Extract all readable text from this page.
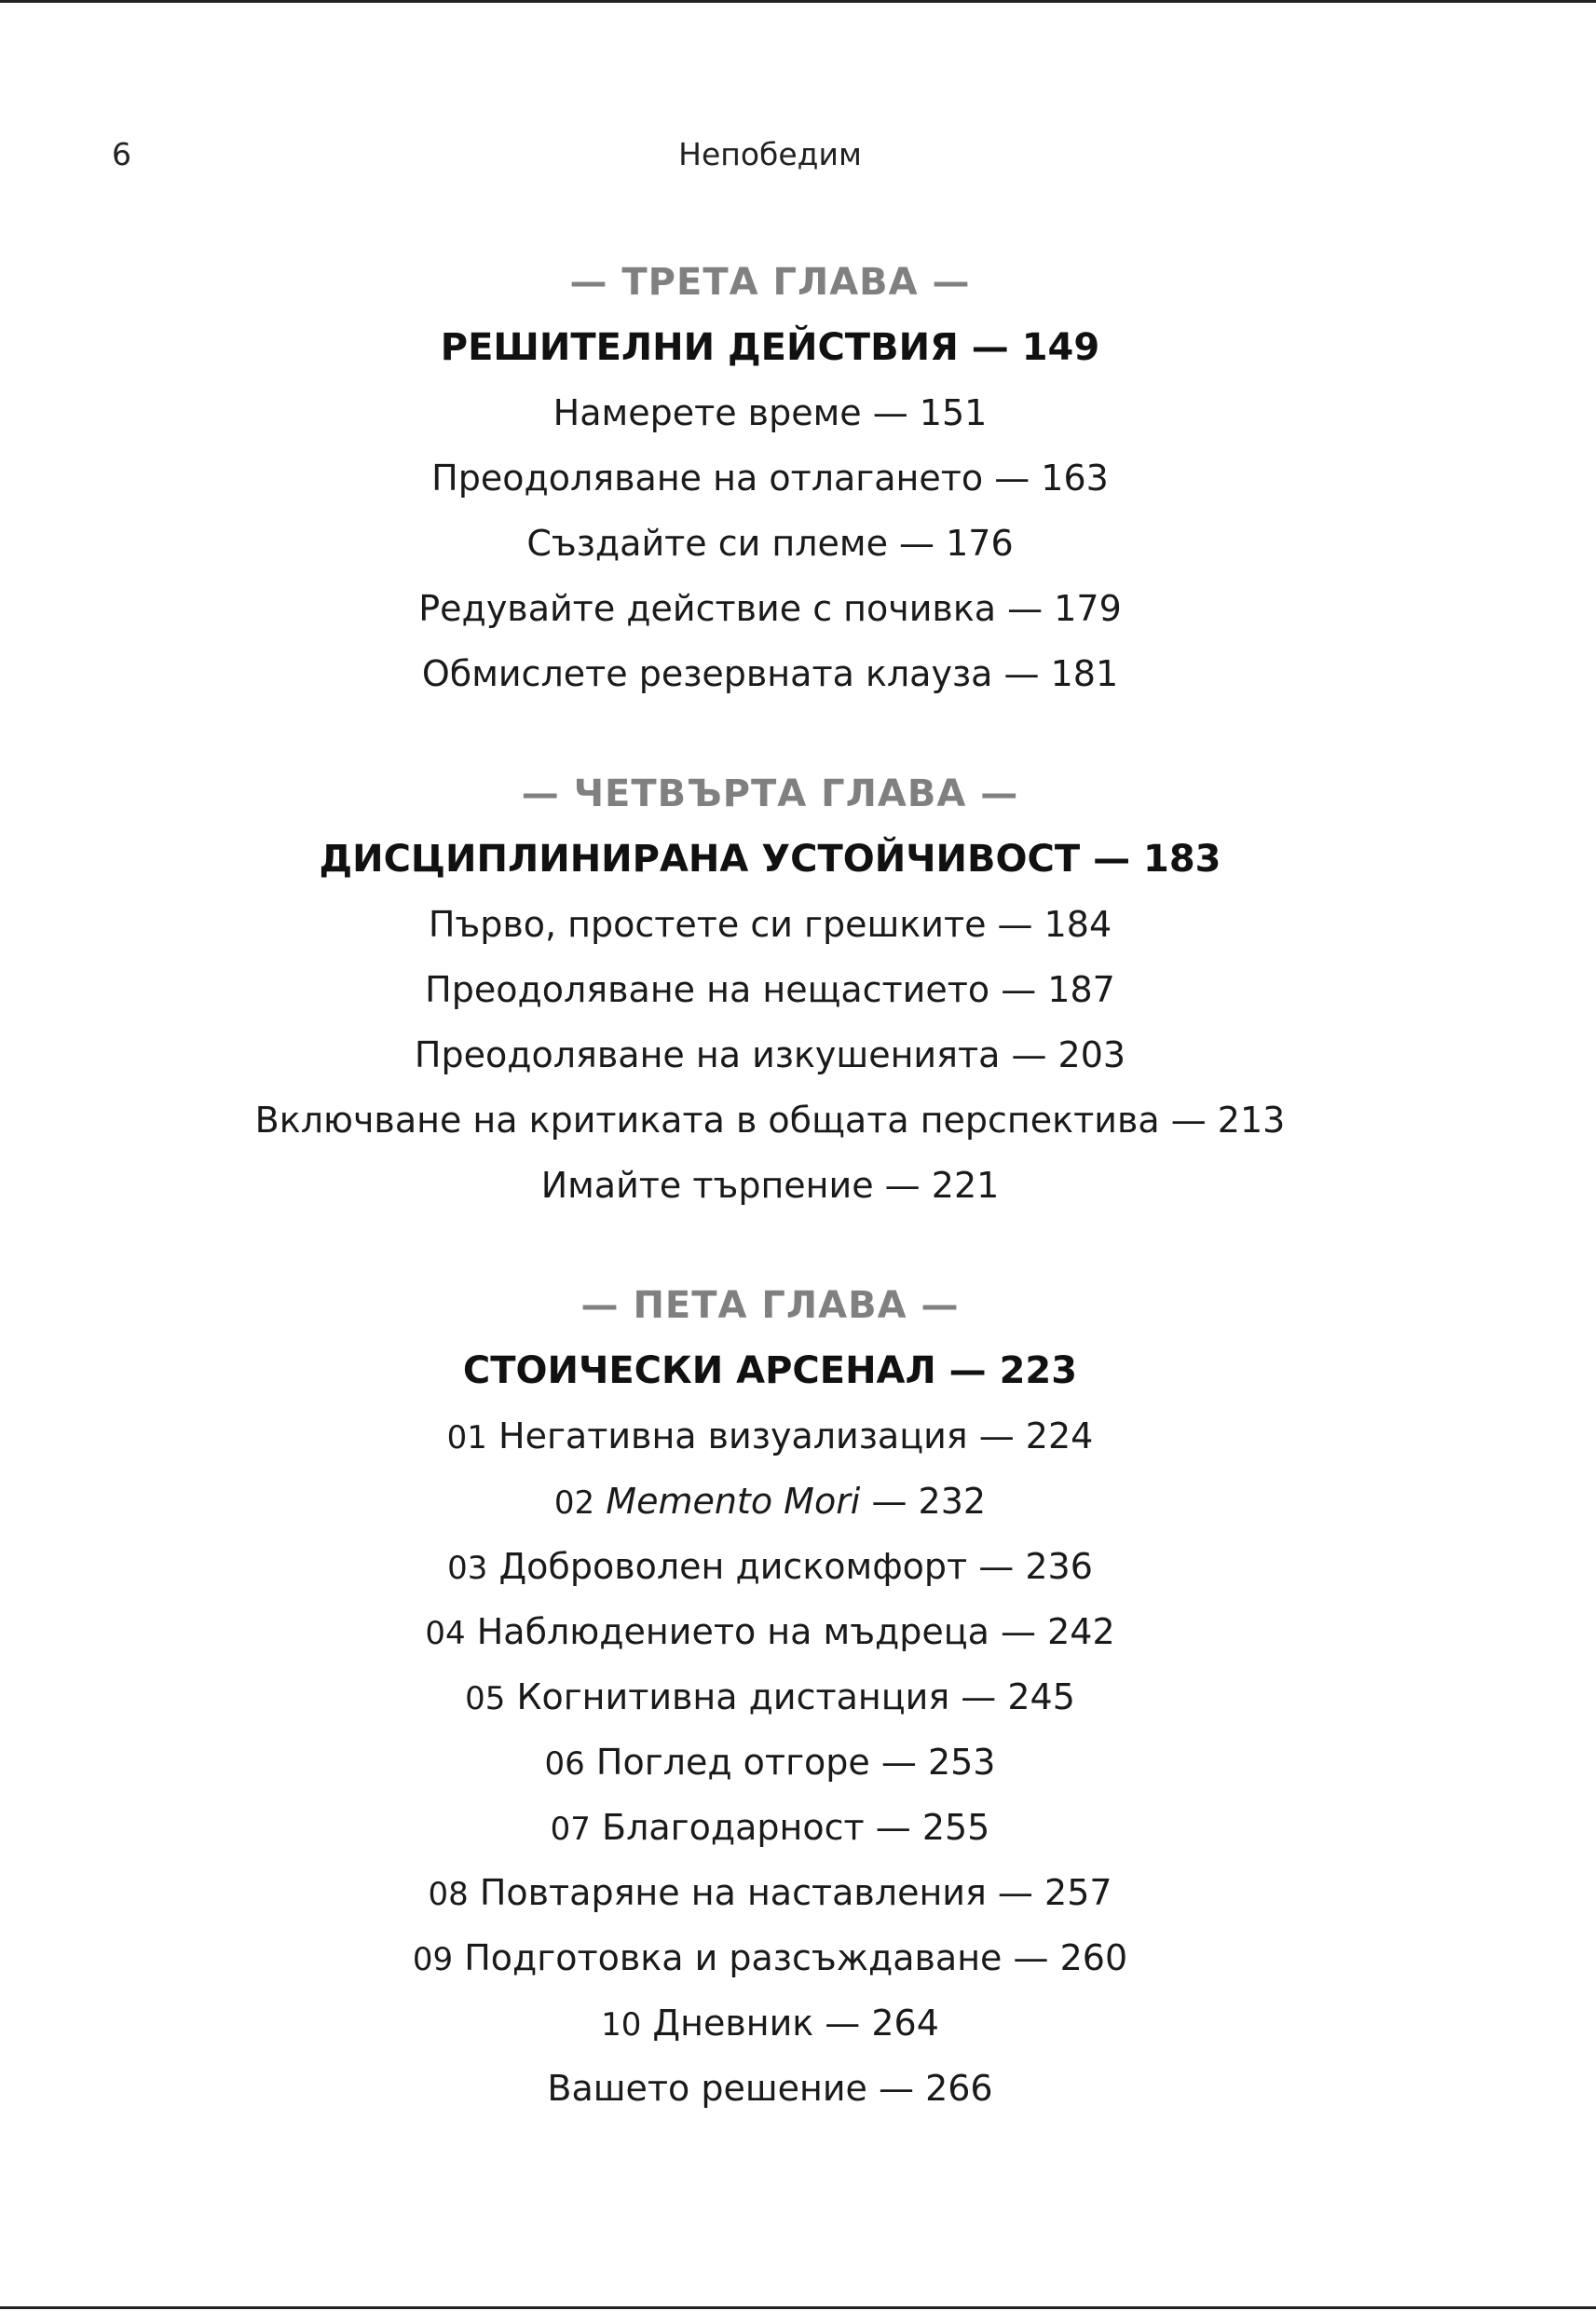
6	Непобедим
— ТРЕТА ГЛАВА —
РЕШИТЕЛНИ ДЕЙСТВИЯ — 149
Намерете време — 151
Преодоляване на отлагането — 163
Създайте си племе — 176
Редувайте действие с почивка — 179
Обмислете резервната клауза — 181
— ЧЕТВЪРТА ГЛАВА —
ДИСЦИПЛИНИРАНА УСТОЙЧИВОСТ — 183
Първо, простете си грешките — 184
Преодоляване на нещастието — 187
Преодоляване на изкушенията — 203
Включване на критиката в общата перспектива — 213
Имайте търпение — 221
— ПЕТА ГЛАВА —
СТОИЧЕСКИ АРСЕНАЛ — 223
01 Негативна визуализация — 224
02 Memento Mori — 232
03 Доброволен дискомфорт — 236
04 Наблюдението на мъдреца — 242
05 Когнитивна дистанция — 245
06 Поглед отгоре — 253
07 Благодарност — 255
08 Повтаряне на наставления — 257
09 Подготовка и разсъждаване — 260
10 Дневник — 264
Вашето решение — 266
